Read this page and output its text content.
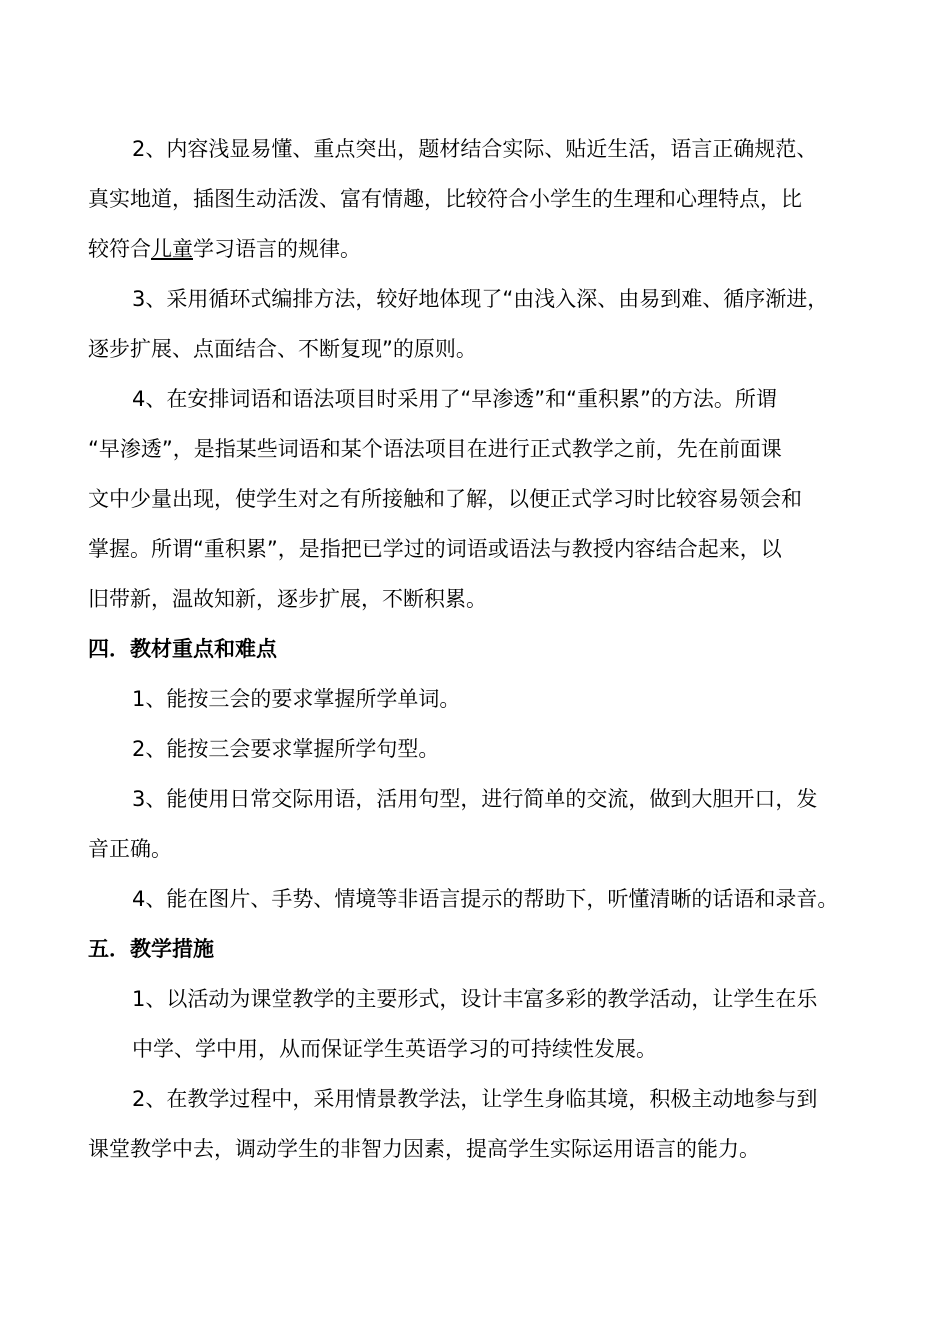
2、内容浅显易懂、重点突出，题材结合实际、贴近生活，语言正确规范、
真实地道，插图生动活泼、富有情趣，比较符合小学生的生理和心理特点，比
较符合儿童学习语言的规律。
3、采用循环式编排方法，较好地体现了“由浅入深、由易到难、循序渐进，
逐步扩展、点面结合、不断复现”的原则。
4、在安排词语和语法项目时采用了“早渗透”和“重积累”的方法。所谓
“早渗透”，是指某些词语和某个语法项目在进行正式教学之前，先在前面课
文中少量出现，使学生对之有所接触和了解，以便正式学习时比较容易领会和
掌握。所谓“重积累”，是指把已学过的词语或语法与教授内容结合起来，以
旧带新，温故知新，逐步扩展，不断积累。
四．教材重点和难点
1、能按三会的要求掌握所学单词。
2、能按三会要求掌握所学句型。
3、能使用日常交际用语，活用句型，进行简单的交流，做到大胆开口，发
音正确。
4、能在图片、手势、情境等非语言提示的帮助下，听懂清晰的话语和录音。
五．教学措施
1、以活动为课堂教学的主要形式，设计丰富多彩的教学活动，让学生在乐
中学、学中用，从而保证学生英语学习的可持续性发展。
2、在教学过程中，采用情景教学法，让学生身临其境，积极主动地参与到
课堂教学中去，调动学生的非智力因素，提高学生实际运用语言的能力。
